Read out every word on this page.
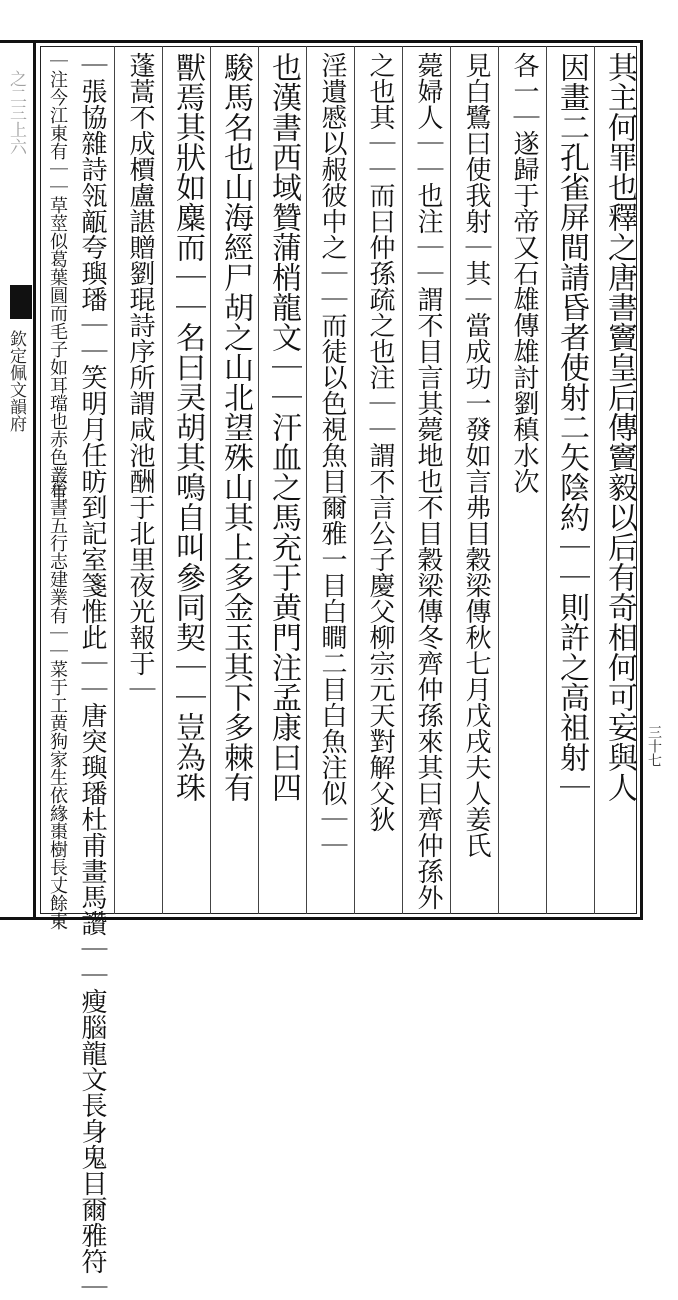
之二三上六
欽定佩文韻府	其主何罪也釋之唐書竇皇后傳竇毅以后有奇相何可妄與人
因畫二孔雀屏間請昏者使射二矢陰約｜｜則許之高祖射｜
各一｜遂歸于帝又石雄傳雄討劉稹水次
見白鷺曰使我射｜其｜當成功一發如言弗目穀梁傳秋七月戊戌夫人姜氏
薨婦人｜｜也注｜｜謂不目言其薨地也不目穀梁傳冬齊仲孫來其曰齊仲孫外
之也其｜｜而曰仲孫疏之也注｜｜謂不言公子慶父柳宗元天對解父狄
淫遺慼以赧彼中之｜｜而徒以色視魚目爾雅一目白瞷二目白魚注似｜｜
也漢書西域贊蒲梢龍文｜｜汗血之馬充于黄門注孟康曰四
駿馬名也山海經尸胡之山北望殊山其上多金玉其下多棘有
獸焉其狀如麋而｜｜名曰㚑胡其鳴自叫參同契｜｜豈為珠
蓬蒿不成檟盧諶贈劉琨詩序所謂咸池酬于北里夜光報于｜
｜張協雜詩瓴甋夸璵璠｜｜笑明月任昉到記室箋惟此｜｜唐突璵璠杜甫畫馬讚｜｜瘦腦龍文長身鬼目爾雅符｜
｜注今江東有｜｜草莖似葛葉圓而毛子如耳璫也赤色叢生
晉書五行志建業有｜｜菜于工黄狗家生依緣棗樹長丈餘東	三十七
